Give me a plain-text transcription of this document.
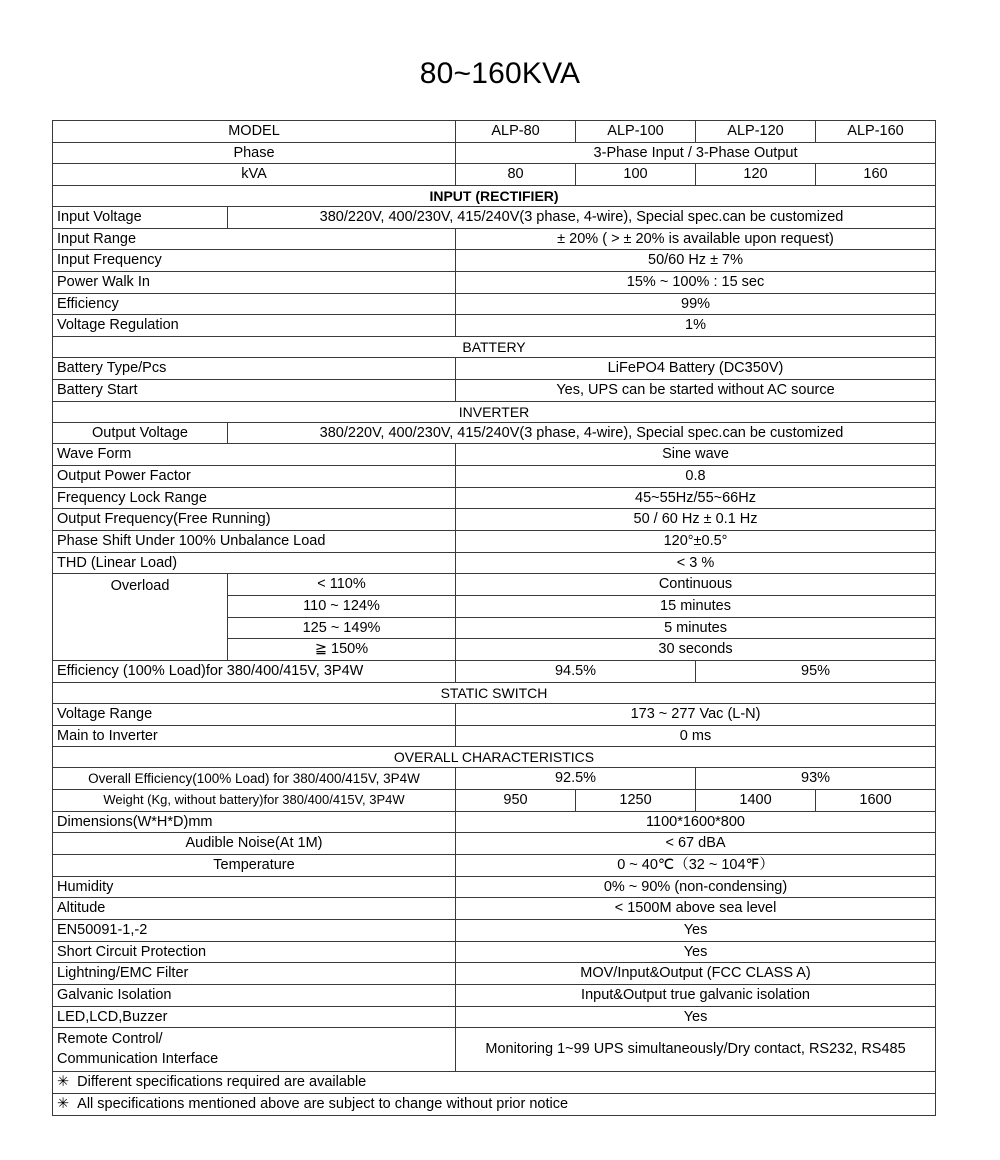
80~160KVA
MODEL		ALP-80	ALP-100	ALP-120	ALP-160
Phase		3-Phase Input / 3-Phase Output			
kVA		80	100	120	160
INPUT (RECTIFIER)					
Input Voltage	380/220V, 400/230V, 415/240V(3 phase, 4-wire), Special spec.can be customized				
Input Range		± 20% ( > ± 20% is available upon request)			
Input Frequency		50/60 Hz ± 7%			
Power Walk In		15% ~ 100% : 15 sec			
Efficiency		99%			
Voltage Regulation		1%			
BATTERY					
Battery Type/Pcs		LiFePO4 Battery (DC350V)			
Battery Start		Yes, UPS can be started without AC source			
INVERTER					
Output Voltage	380/220V, 400/230V, 415/240V(3 phase, 4-wire), Special spec.can be customized				
Wave Form		Sine wave			
Output Power Factor		0.8			
Frequency Lock Range		45~55Hz/55~66Hz			
Output Frequency(Free Running)		50 / 60 Hz ± 0.1 Hz			
Phase Shift Under 100% Unbalance Load		120°±0.5°			
THD (Linear Load)		< 3 %			
Overload	< 110%	Continuous			
	110 ~ 124%	15 minutes			
	125 ~ 149%	5 minutes			
	≧ 150%	30 seconds			
Efficiency (100% Load)for 380/400/415V, 3P4W		94.5%		95%	
STATIC SWITCH					
Voltage Range		173 ~ 277 Vac (L-N)			
Main to Inverter		0 ms			
OVERALL CHARACTERISTICS					
Overall Efficiency(100% Load) for 380/400/415V, 3P4W		92.5%		93%	
Weight (Kg, without battery)for 380/400/415V, 3P4W		950	1250	1400	1600
Dimensions(W*H*D)mm		1100*1600*800			
Audible Noise(At 1M)		< 67 dBA			
Temperature		0 ~ 40℃（32 ~ 104℉）			
Humidity		0% ~ 90% (non-condensing)			
Altitude		< 1500M above sea level			
EN50091-1,-2		Yes			
Short Circuit Protection		Yes			
Lightning/EMC Filter		MOV/Input&Output (FCC CLASS A)			
Galvanic Isolation		Input&Output true galvanic isolation			
LED,LCD,Buzzer		Yes			
Remote Control/
Communication Interface		Monitoring 1~99 UPS simultaneously/Dry contact, RS232, RS485			
✳ Different specifications required are available					
✳ All specifications mentioned above are subject to change without prior notice					
